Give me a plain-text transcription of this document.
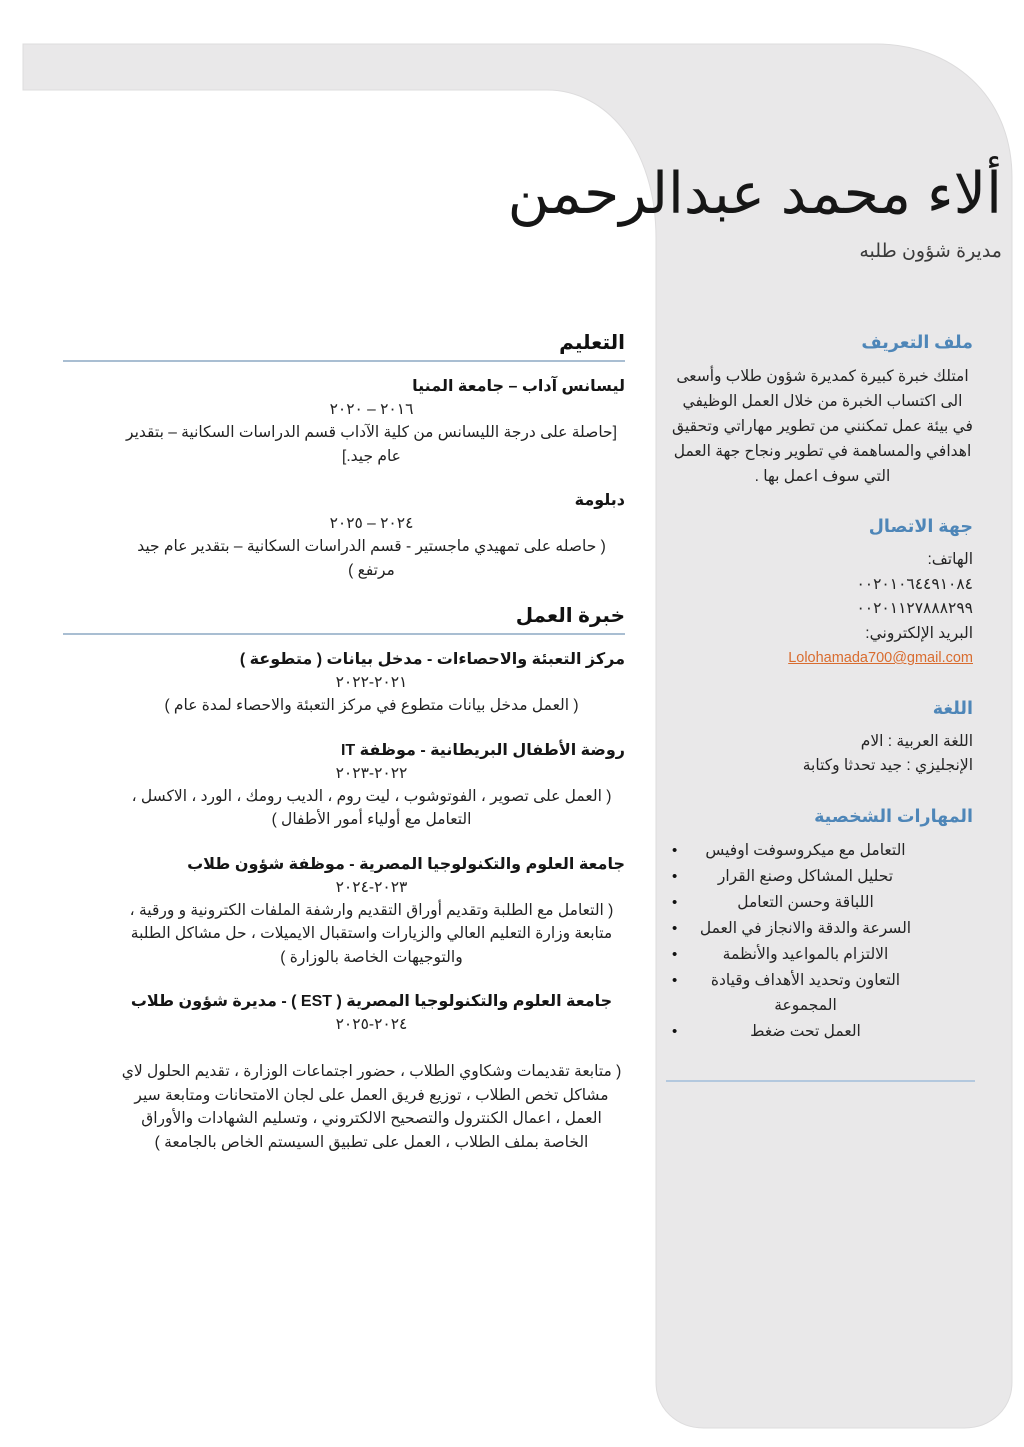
ألاء محمد عبدالرحمن
مديرة شؤون طلبه
التعليم
ليسانس آداب – جامعة المنيا
٢٠١٦ – ٢٠٢٠
[حاصلة على درجة الليسانس من كلية الآداب قسم الدراسات السكانية – بتقدير عام جيد.]
دبلومة
٢٠٢٤ – ٢٠٢٥
( حاصله على تمهيدي ماجستير - قسم الدراسات السكانية – بتقدير عام جيد مرتفع )
خبرة العمل
مركز التعبئة والاحصاءات - مدخل بيانات ( متطوعة )
٢٠٢١-٢٠٢٢
( العمل مدخل بيانات متطوع في مركز التعبئة والاحصاء لمدة عام )
روضة الأطفال البريطانية - موظفة IT
٢٠٢٢-٢٠٢٣
( العمل على تصوير ، الفوتوشوب ، ليت روم ، الديب رومك ، الورد ، الاكسل ، التعامل مع أولياء أمور الأطفال )
جامعة العلوم والتكنولوجيا المصرية - موظفة شؤون طلاب
٢٠٢٣-٢٠٢٤
( التعامل مع الطلبة وتقديم أوراق التقديم وارشفة الملفات الكترونية و ورقية ، متابعة وزارة التعليم العالي والزيارات واستقبال الايميلات ، حل مشاكل الطلبة والتوجيهات الخاصة بالوزارة )
جامعة العلوم والتكنولوجيا المصرية ( EST ) - مديرة شؤون طلاب
٢٠٢٤-٢٠٢٥
( متابعة تقديمات وشكاوي الطلاب ، حضور اجتماعات الوزارة ، تقديم الحلول لاي مشاكل تخص الطلاب ، توزيع فريق العمل على لجان الامتحانات ومتابعة سير العمل ، اعمال الكنترول والتصحيح الالكتروني ، وتسليم الشهادات والأوراق الخاصة بملف الطلاب ، العمل على تطبيق السيستم الخاص بالجامعة )
ملف التعريف
امتلك خبرة كبيرة كمديرة شؤون طلاب وأسعى الى اكتساب الخبرة من خلال العمل الوظيفي في بيئة عمل تمكنني من تطوير مهاراتي وتحقيق اهدافي والمساهمة في تطوير ونجاح جهة العمل التي سوف اعمل بها .
جهة الاتصال
الهاتف:
٠٠٢٠١٠٦٤٤٩١٠٨٤
٠٠٢٠١١٢٧٨٨٨٢٩٩
البريد الإلكتروني:
Lolohamada700@gmail.com
اللغة
اللغة العربية : الام
الإنجليزي : جيد تحدثا وكتابة
المهارات الشخصية
•
التعامل مع ميكروسوفت اوفيس
•
تحليل المشاكل وصنع القرار
•
اللباقة وحسن التعامل
•
السرعة والدقة والانجاز في العمل
•
الالتزام بالمواعيد والأنظمة
•
التعاون وتحديد الأهداف وقيادة المجموعة
•
العمل تحت ضغط
